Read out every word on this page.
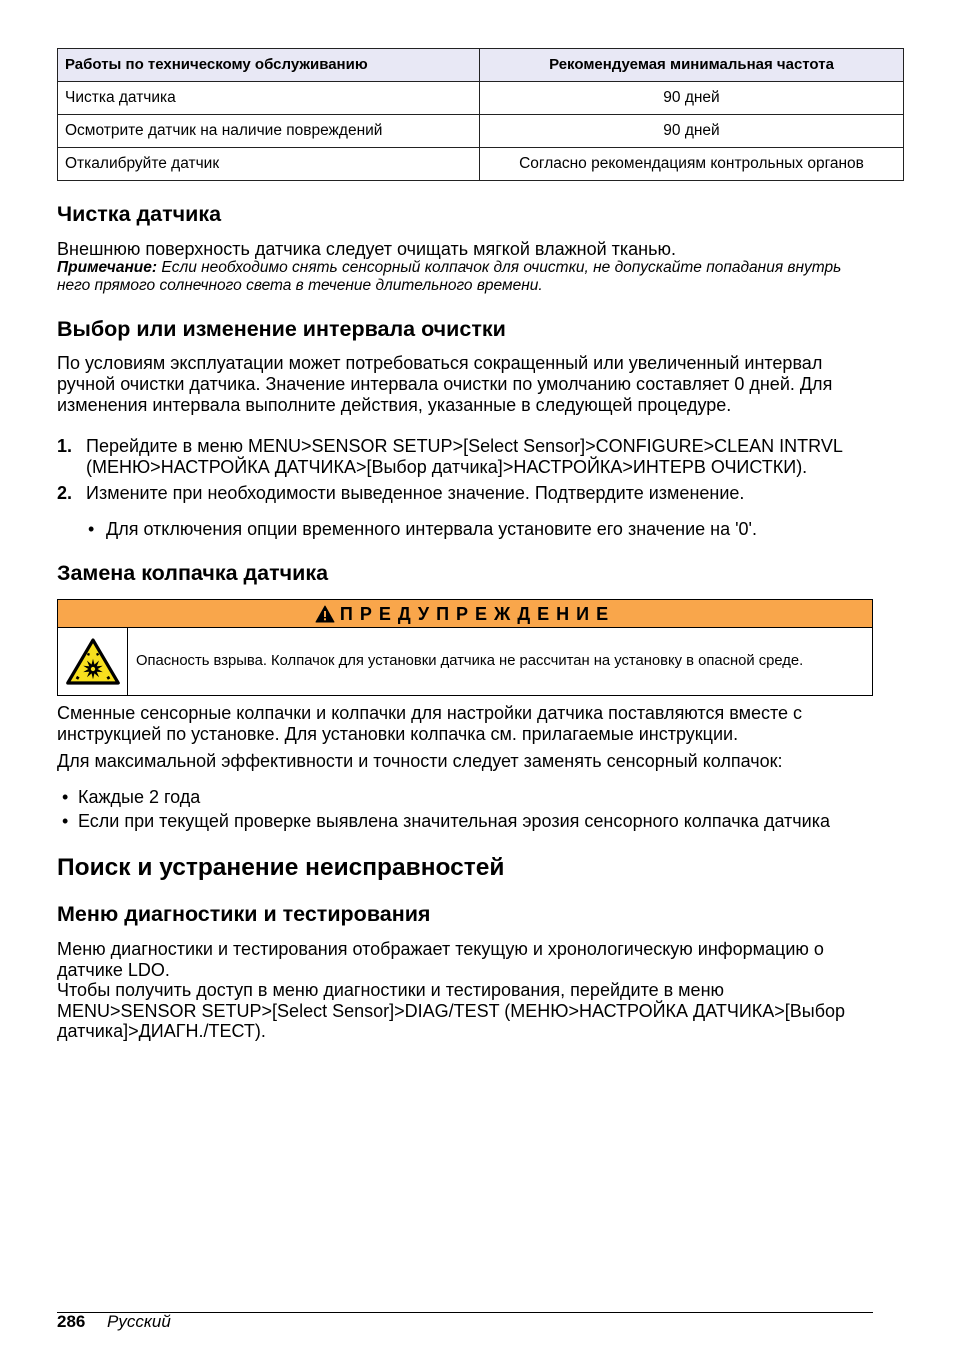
Работы по техническому обслуживанию	Рекомендуемая минимальная частота
Чистка датчика	90 дней
Осмотрите датчик на наличие повреждений	90 дней
Откалибруйте датчик	Согласно рекомендациям контрольных органов
Чистка датчика
Внешнюю поверхность датчика следует очищать мягкой влажной тканью.
Примечание: Если необходимо снять сенсорный колпачок для очистки, не допускайте попадания внутрь
него прямого солнечного света в течение длительного времени.
Выбор или изменение интервала очистки
По условиям эксплуатации может потребоваться сокращенный или увеличенный интервал
ручной очистки датчика. Значение интервала очистки по умолчанию составляет 0 дней. Для
изменения интервала выполните действия, указанные в следующей процедуре.
1. Перейдите в меню MENU>SENSOR SETUP>[Select Sensor]>CONFIGURE>CLEAN INTRVL
(МЕНЮ>НАСТРОЙКА ДАТЧИКА>[Выбор датчика]>НАСТРОЙКА>ИНТЕРВ ОЧИСТКИ).
2. Измените при необходимости выведенное значение. Подтвердите изменение.
• Для отключения опции временного интервала установите его значение на '0'.
Замена колпачка датчика
ПРЕДУПРЕЖДЕНИЕ
Опасность взрыва. Колпачок для установки датчика не рассчитан на установку в опасной среде.
Сменные сенсорные колпачки и колпачки для настройки датчика поставляются вместе с
инструкцией по установке. Для установки колпачка см. прилагаемые инструкции.
Для максимальной эффективности и точности следует заменять сенсорный колпачок:
• Каждые 2 года
• Если при текущей проверке выявлена значительная эрозия сенсорного колпачка датчика
Поиск и устранение неисправностей
Меню диагностики и тестирования
Меню диагностики и тестирования отображает текущую и хронологическую информацию о
датчике LDO.
Чтобы получить доступ в меню диагностики и тестирования, перейдите в меню
MENU>SENSOR SETUP>[Select Sensor]>DIAG/TEST (МЕНЮ>НАСТРОЙКА ДАТЧИКА>[Выбор
датчика]>ДИАГН./ТЕСТ).
286 Русский
